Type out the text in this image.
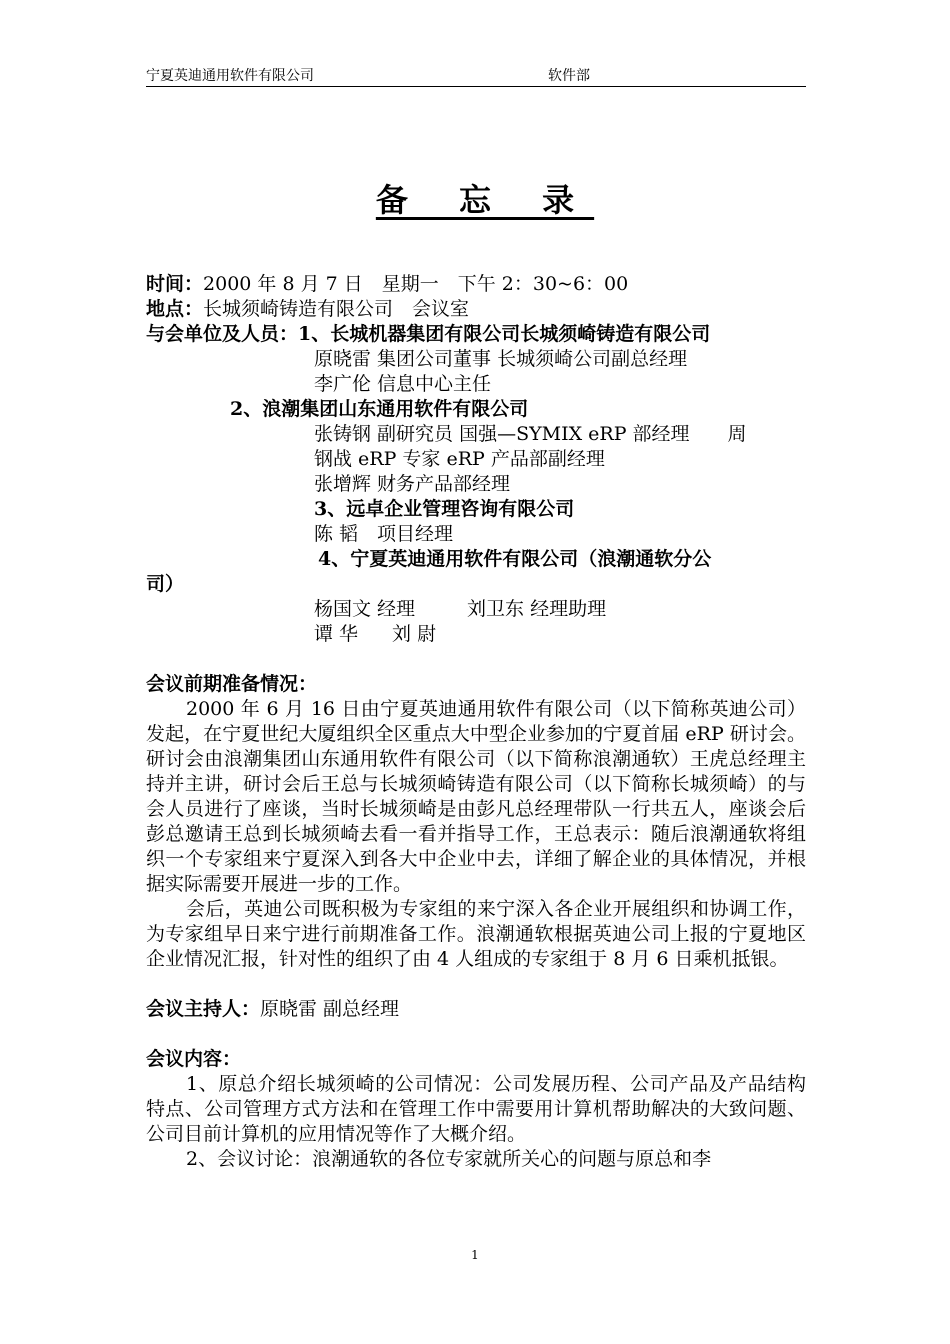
宁夏英迪通用软件有限公司	软件部
备 忘 录
时间：2000 年 8 月 7 日　星期一　下午 2：30~6：00
地点：长城须崎铸造有限公司　会议室
与会单位及人员：1、长城机器集团有限公司长城须崎铸造有限公司
原晓雷 集团公司董事 长城须崎公司副总经理
李广伦 信息中心主任
2、浪潮集团山东通用软件有限公司
张铸钢 副研究员 国强—SYMIX eRP 部经理　　周
钢战 eRP 专家 eRP 产品部副经理
张增辉 财务产品部经理
3、远卓企业管理咨询有限公司
陈 韬　项目经理
4、宁夏英迪通用软件有限公司（浪潮通软分公
司）
杨国文 经理	刘卫东 经理助理
谭 华 刘 尉
会议前期准备情况：
2000 年 6 月 16 日由宁夏英迪通用软件有限公司（以下简称英迪公司）发起，在宁夏世纪大厦组织全区重点大中型企业参加的宁夏首届 eRP 研讨会。研讨会由浪潮集团山东通用软件有限公司（以下简称浪潮通软）王虎总经理主持并主讲，研讨会后王总与长城须崎铸造有限公司（以下简称长城须崎）的与会人员进行了座谈，当时长城须崎是由彭凡总经理带队一行共五人，座谈会后彭总邀请王总到长城须崎去看一看并指导工作，王总表示：随后浪潮通软将组织一个专家组来宁夏深入到各大中企业中去，详细了解企业的具体情况，并根据实际需要开展进一步的工作。
会后，英迪公司既积极为专家组的来宁深入各企业开展组织和协调工作，为专家组早日来宁进行前期准备工作。浪潮通软根据英迪公司上报的宁夏地区企业情况汇报，针对性的组织了由 4 人组成的专家组于 8 月 6 日乘机抵银。
会议主持人：原晓雷 副总经理
会议内容：
1、原总介绍长城须崎的公司情况：公司发展历程、公司产品及产品结构特点、公司管理方式方法和在管理工作中需要用计算机帮助解决的大致问题、公司目前计算机的应用情况等作了大概介绍。
2、会议讨论：浪潮通软的各位专家就所关心的问题与原总和李
1
